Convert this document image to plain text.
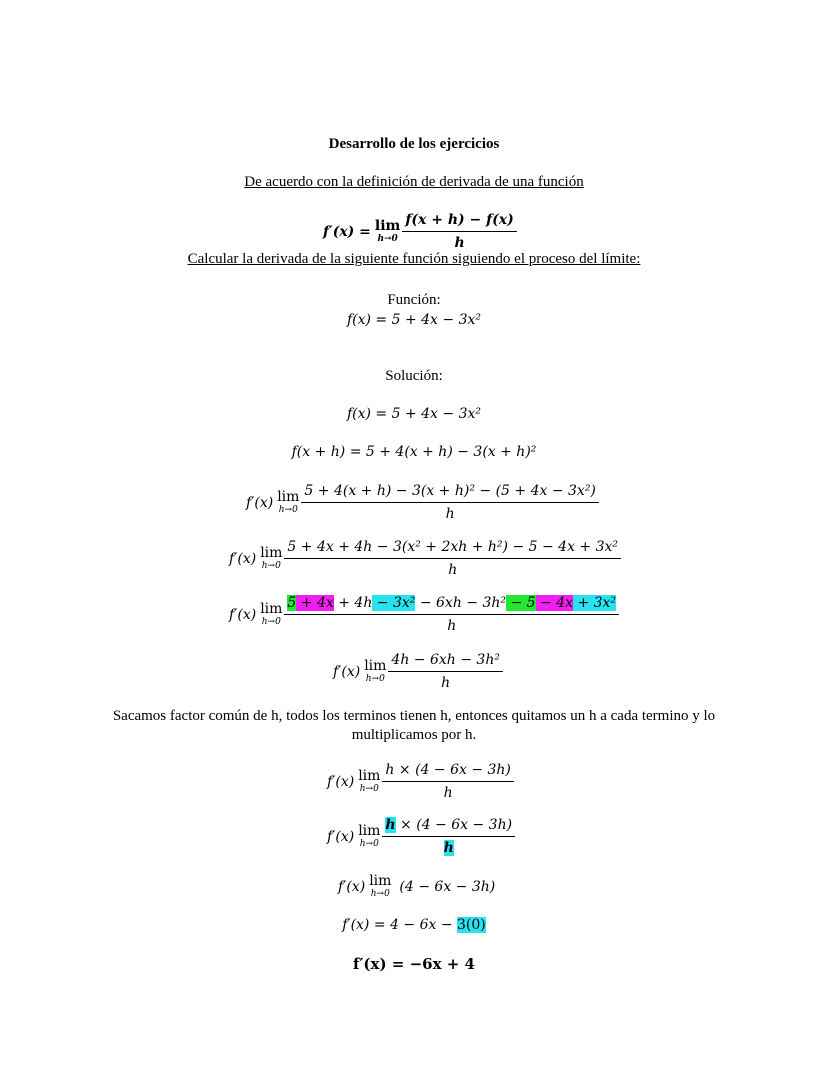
Desarrollo de los ejercicios
De acuerdo con la definición de derivada de una función
f′(x) = lim
$h\to 0 \frac{f(x + h) - f(x)}{h}$
Calcular la derivada de la siguiente función siguiendo el proceso del límite:
Función:
f(x) = 5 + 4x − 3x²
Solución:
f(x) = 5 + 4x − 3x²
f(x + h) = 5 + 4(x + h) − 3(x + h)²
f′(x) lim
$h\to 0 \frac{\text{5 + 4(x + h) − 3(x + h)² − (5 + 4x − 3x²)}}{h}$
f′(x) lim
$h\to 0 \frac{\text{5 + 4x + 4h − 3(x² + 2xh + h²) − 5 − 4x + 3x²}}{h}$
f′(x) lim
$h\to 0 \frac{\text{5 + 4x + 4h − 3x² − 6xh − 3h² − 5 − 4x + 3x²}}{h}$
f′(x) lim
$h\to 0 \frac{\text{4h − 6xh − 3h²}}{h}$
Sacamos factor común de h, todos los terminos tienen h, entonces quitamos un h a cada termino y lo
multiplicamos por h.
f′(x) lim
$h\to 0 \frac{h \times (4 - 6x - 3h)}{h}$
f′(x) lim
$h\to 0 \frac{h \times (4 - 6x - 3h)}{h}$
f′(x) lim
h→0 (4 − 6x − 3h)
f′(x) = 4 − 6x − 3(0)
f′(x) = −6x + 4
